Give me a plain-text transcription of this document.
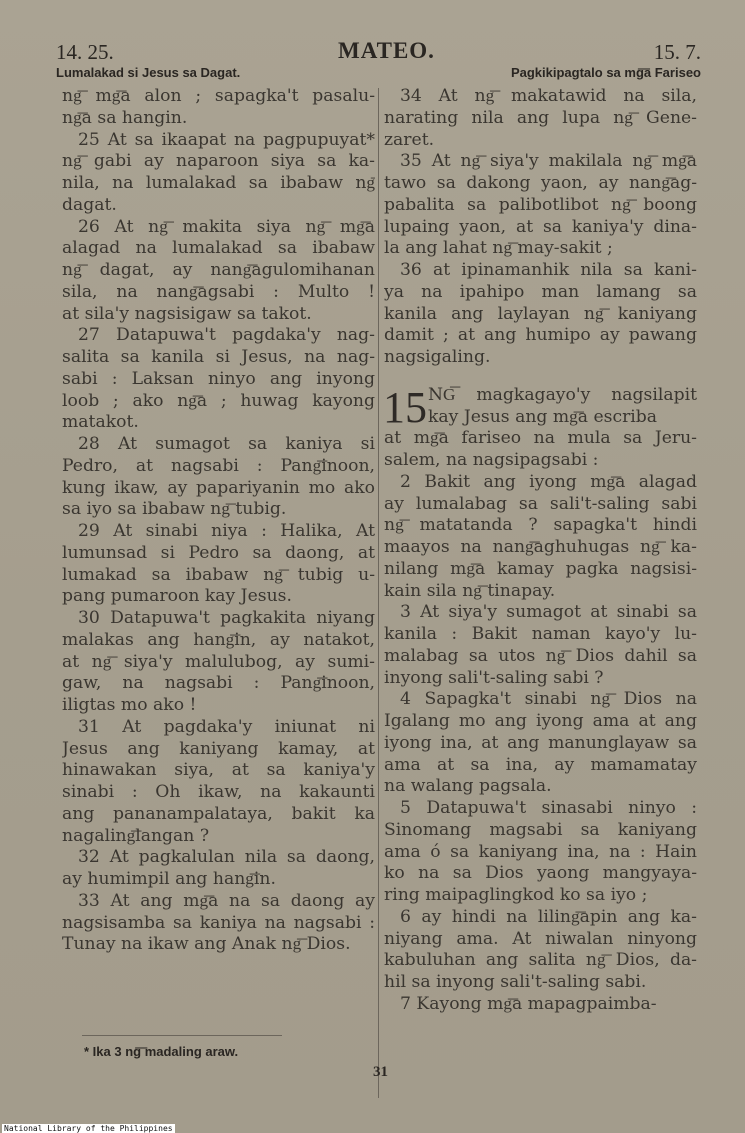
14. 25.	MATEO.	15. 7.
Lumalakad si Jesus sa Dagat.	Pagkikipagtalo sa mg͞a Fariseo
ng͞ mg͞a alon ; sapagka't pasalu-
ng͞a sa hangin.
25 At sa ikaapat na pagpupuyat*
ng͞ gabi ay naparoon siya sa ka-
nila, na lumalakad sa ibabaw ng͞
dagat.
26 At ng͞ makita siya ng͞ mg͞a
alagad na lumalakad sa ibabaw
ng͞ dagat, ay nang͞agulomihanan
sila, na nang͞agsabi : Multo !
at sila'y nagsisigaw sa takot.
27 Datapuwa't pagdaka'y nag-
salita sa kanila si Jesus, na nag-
sabi : Laksan ninyo ang inyong
loob ; ako ng͞a ; huwag kayong
matakot.
28 At sumagot sa kaniya si
Pedro, at nagsabi : Pang͞inoon,
kung ikaw, ay papariyanin mo ako
sa iyo sa ibabaw ng͞ tubig.
29 At sinabi niya : Halika, At
lumunsad si Pedro sa daong, at
lumakad sa ibabaw ng͞ tubig u-
pang pumaroon kay Jesus.
30 Datapuwa't pagkakita niyang
malakas ang hang͞in, ay natakot,
at ng͞ siya'y malulubog, ay sumi-
gaw, na nagsabi : Pang͞inoon,
iligtas mo ako !
31 At pagdaka'y iniunat ni
Jesus ang kaniyang kamay, at
hinawakan siya, at sa kaniya'y
sinabi : Oh ikaw, na kakaunti
ang pananampalataya, bakit ka
nagaling͞langan ?
32 At pagkalulan nila sa daong,
ay humimpil ang hang͞in.
33 At ang mg͞a na sa daong ay
nagsisamba sa kaniya na nagsabi :
Tunay na ikaw ang Anak ng͞ Dios.
34 At ng͞ makatawid na sila,
narating nila ang lupa ng͞ Gene-
zaret.
35 At ng͞ siya'y makilala ng͞ mg͞a
tawo sa dakong yaon, ay nang͞ag-
pabalita sa palibotlibot ng͞ boong
lupaing yaon, at sa kaniya'y dina-
la ang lahat ng͞ may-sakit ;
36 at ipinamanhik nila sa kani-
ya na ipahipo man lamang sa
kanila ang laylayan ng͞ kaniyang
damit ; at ang humipo ay pawang
nagsigaling.
15 NG͞ magkagayo'y nagsilapit
kay Jesus ang mg͞a escriba
at mg͞a fariseo na mula sa Jeru-
salem, na nagsipagsabi :
2 Bakit ang iyong mg͞a alagad
ay lumalabag sa sali't-saling sabi
ng͞ matatanda ? sapagka't hindi
maayos na nang͞aghuhugas ng͞ ka-
nilang mg͞a kamay pagka nagsisi-
kain sila ng͞ tinapay.
3 At siya'y sumagot at sinabi sa
kanila : Bakit naman kayo'y lu-
malabag sa utos ng͞ Dios dahil sa
inyong sali't-saling sabi ?
4 Sapagka't sinabi ng͞ Dios na
Igalang mo ang iyong ama at ang
iyong ina, at ang manunglayaw sa
ama at sa ina, ay mamamatay
na walang pagsala.
5 Datapuwa't sinasabi ninyo :
Sinomang magsabi sa kaniyang
ama ó sa kaniyang ina, na : Hain
ko na sa Dios yaong mangyaya-
ring maipaglingkod ko sa iyo ;
6 ay hindi na liling͞apin ang ka-
niyang ama. At niwalan ninyong
kabuluhan ang salita ng͞ Dios, da-
hil sa inyong sali't-saling sabi.
7 Kayong mg͞a mapagpaimba-
* Ika 3 ng͞ madaling araw.
31
National Library of the Philippines
